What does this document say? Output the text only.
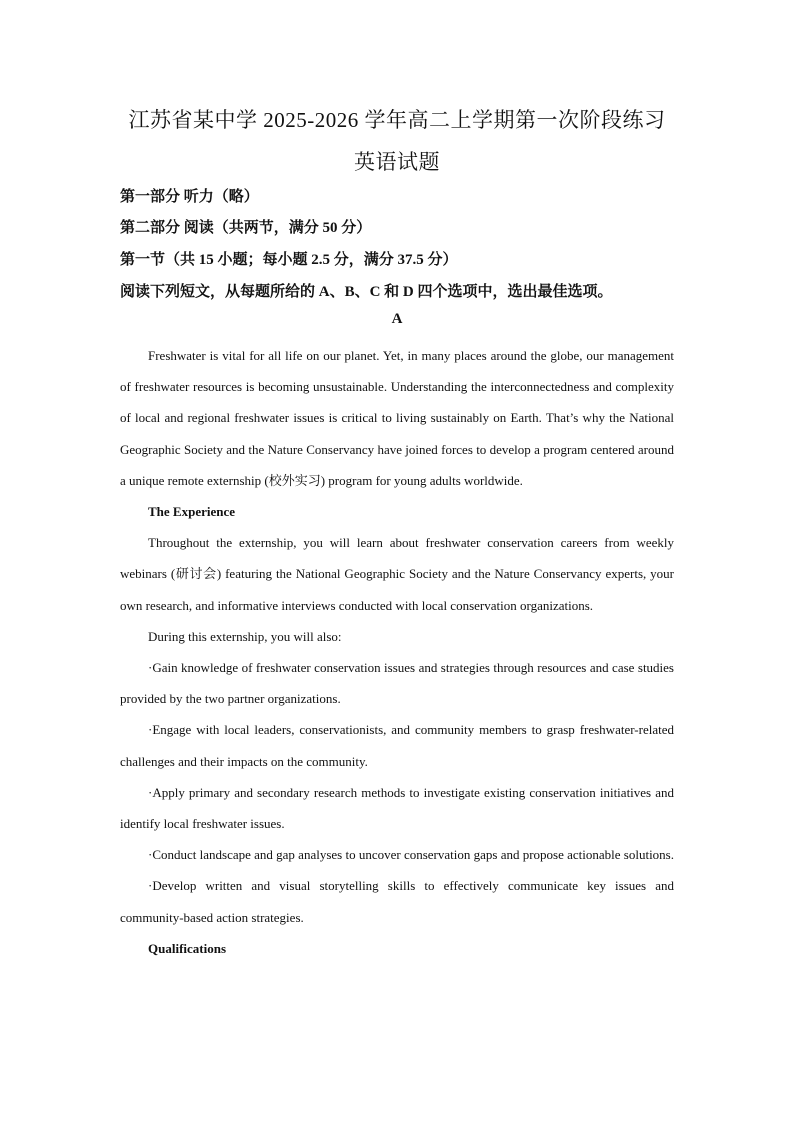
江苏省某中学 2025-2026 学年高二上学期第一次阶段练习
英语试题
第一部分 听力（略）
第二部分 阅读（共两节，满分 50 分）
第一节（共 15 小题；每小题 2.5 分，满分 37.5 分）
阅读下列短文，从每题所给的 A、B、C 和 D 四个选项中，选出最佳选项。
A

Freshwater is vital for all life on our planet. Yet, in many places around the globe, our management of freshwater resources is becoming unsustainable. Understanding the interconnectedness and complexity of local and regional freshwater issues is critical to living sustainably on Earth. That’s why the National Geographic Society and the Nature Conservancy have joined forces to develop a program centered around a unique remote externship (校外实习) program for young adults worldwide.

The Experience

Throughout the externship, you will learn about freshwater conservation careers from weekly webinars (研讨会) featuring the National Geographic Society and the Nature Conservancy experts, your own research, and informative interviews conducted with local conservation organizations.

During this externship, you will also:

·Gain knowledge of freshwater conservation issues and strategies through resources and case studies provided by the two partner organizations.

·Engage with local leaders, conservationists, and community members to grasp freshwater-related challenges and their impacts on the community.

·Apply primary and secondary research methods to investigate existing conservation initiatives and identify local freshwater issues.

·Conduct landscape and gap analyses to uncover conservation gaps and propose actionable solutions.

·Develop written and visual storytelling skills to effectively communicate key issues and community-based action strategies.

Qualifications
